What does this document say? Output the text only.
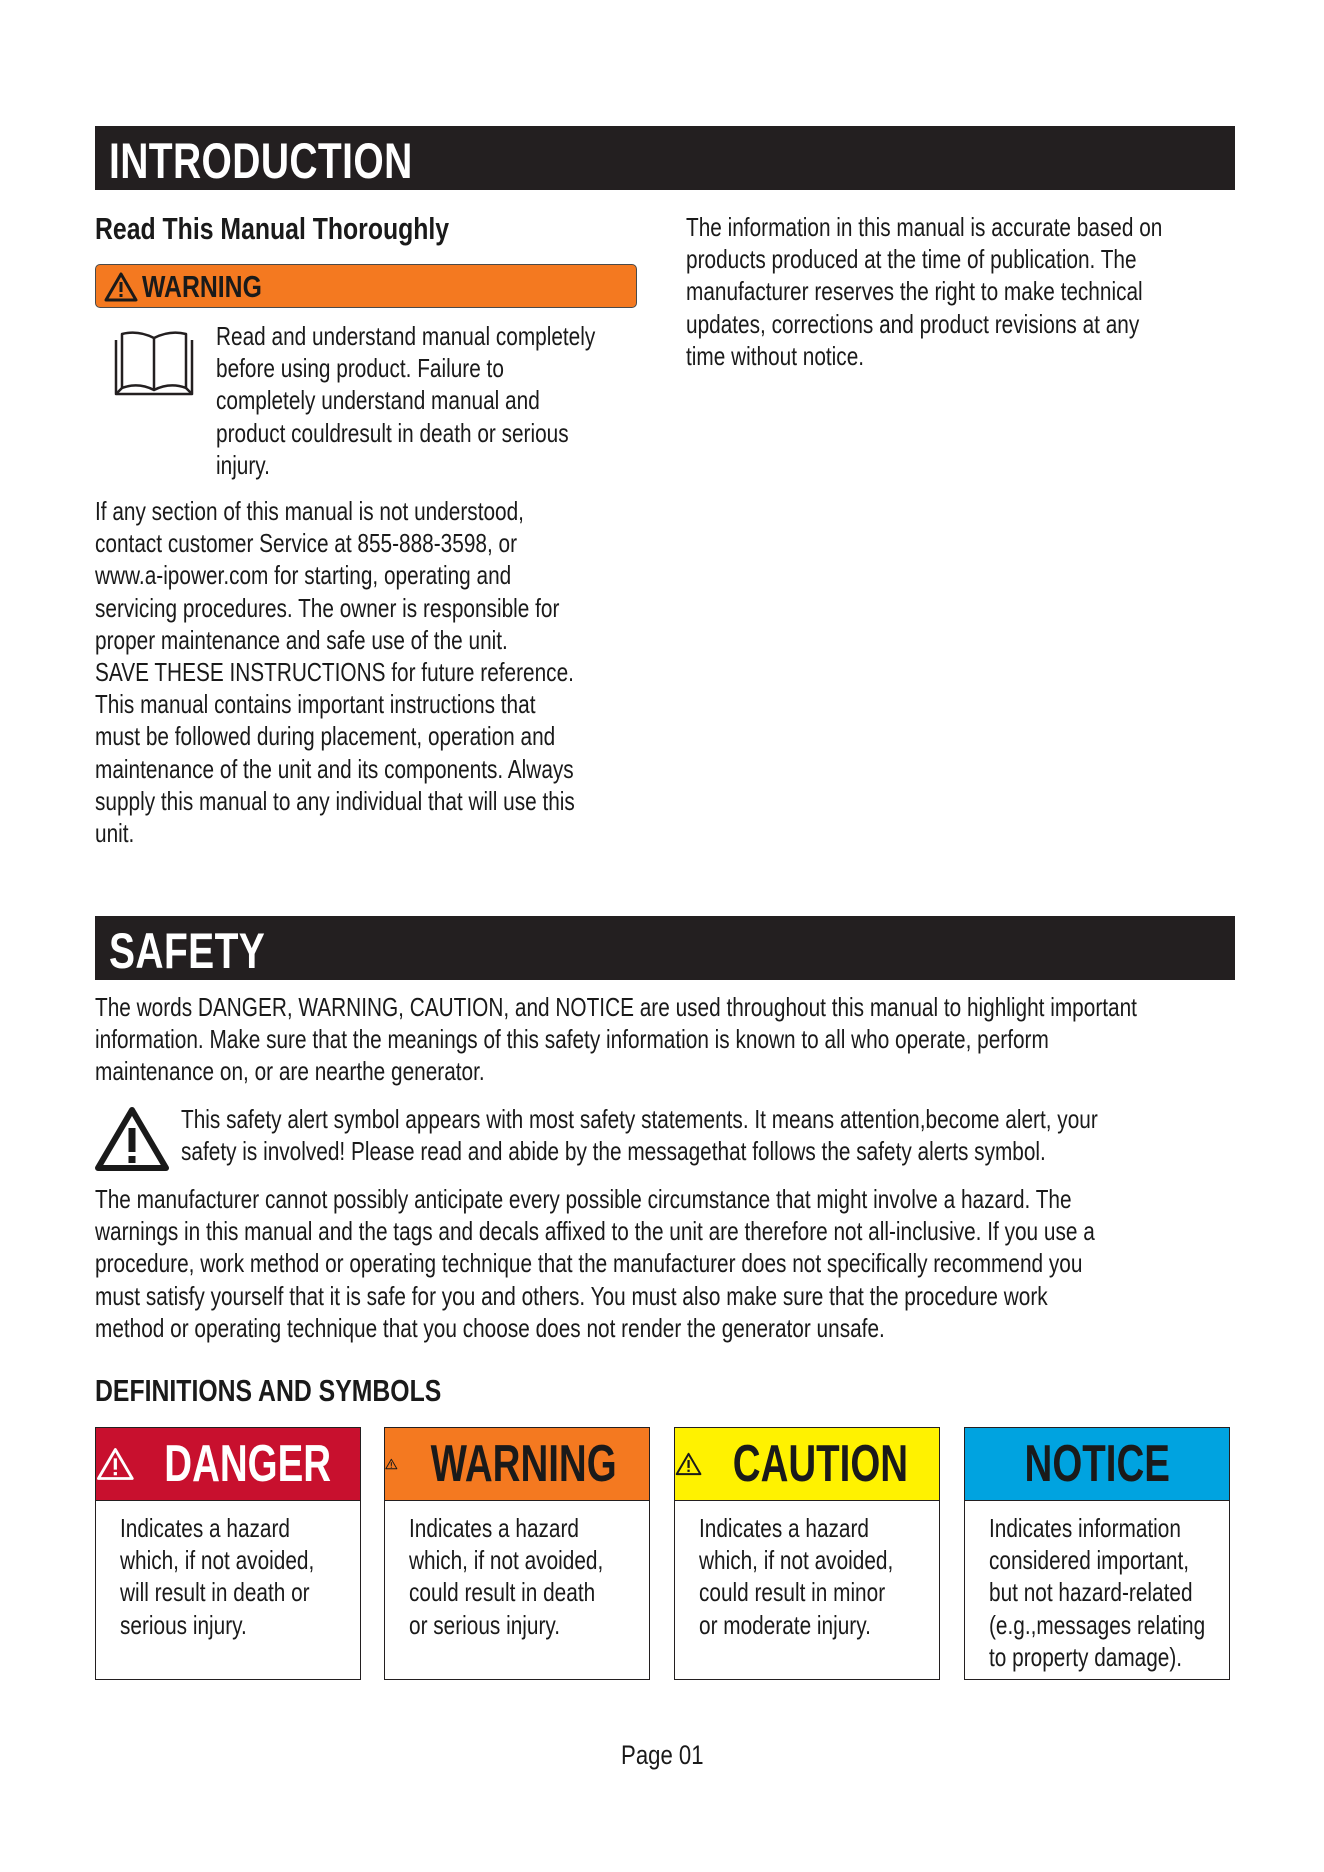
INTRODUCTION
Read This Manual Thoroughly
WARNING
Read and understand manual completely
before using product. Failure to
completely understand manual and
product couldresult in death or serious
injury.
If any section of this manual is not understood,
contact customer Service at 855-888-3598, or
www.a-ipower.com for starting, operating and
servicing procedures. The owner is responsible for
proper maintenance and safe use of the unit.
SAVE THESE INSTRUCTIONS for future reference.
This manual contains important instructions that
must be followed during placement, operation and
maintenance of the unit and its components. Always
supply this manual to any individual that will use this
unit.
The information in this manual is accurate based on
products produced at the time of publication. The
manufacturer reserves the right to make technical
updates, corrections and product revisions at any
time without notice.
SAFETY
The words DANGER, WARNING, CAUTION, and NOTICE are used throughout this manual to highlight important
information. Make sure that the meanings of this safety information is known to all who operate, perform
maintenance on, or are nearthe generator.
This safety alert symbol appears with most safety statements. It means attention,become alert, your
safety is involved! Please read and abide by the messagethat follows the safety alerts symbol.
The manufacturer cannot possibly anticipate every possible circumstance that might involve a hazard. The
warnings in this manual and the tags and decals affixed to the unit are therefore not all-inclusive. If you use a
procedure, work method or operating technique that the manufacturer does not specifically recommend you
must satisfy yourself that it is safe for you and others. You must also make sure that the procedure work
method or operating technique that you choose does not render the generator unsafe.
DEFINITIONS AND SYMBOLS
DANGER
Indicates a hazard
which, if not avoided,
will result in death or
serious injury.
WARNING
Indicates a hazard
which, if not avoided,
could result in death
or serious injury.
CAUTION
Indicates a hazard
which, if not avoided,
could result in minor
or moderate injury.
NOTICE
Indicates information
considered important,
but not hazard-related
(e.g.,messages relating
to property damage).
Page 01
